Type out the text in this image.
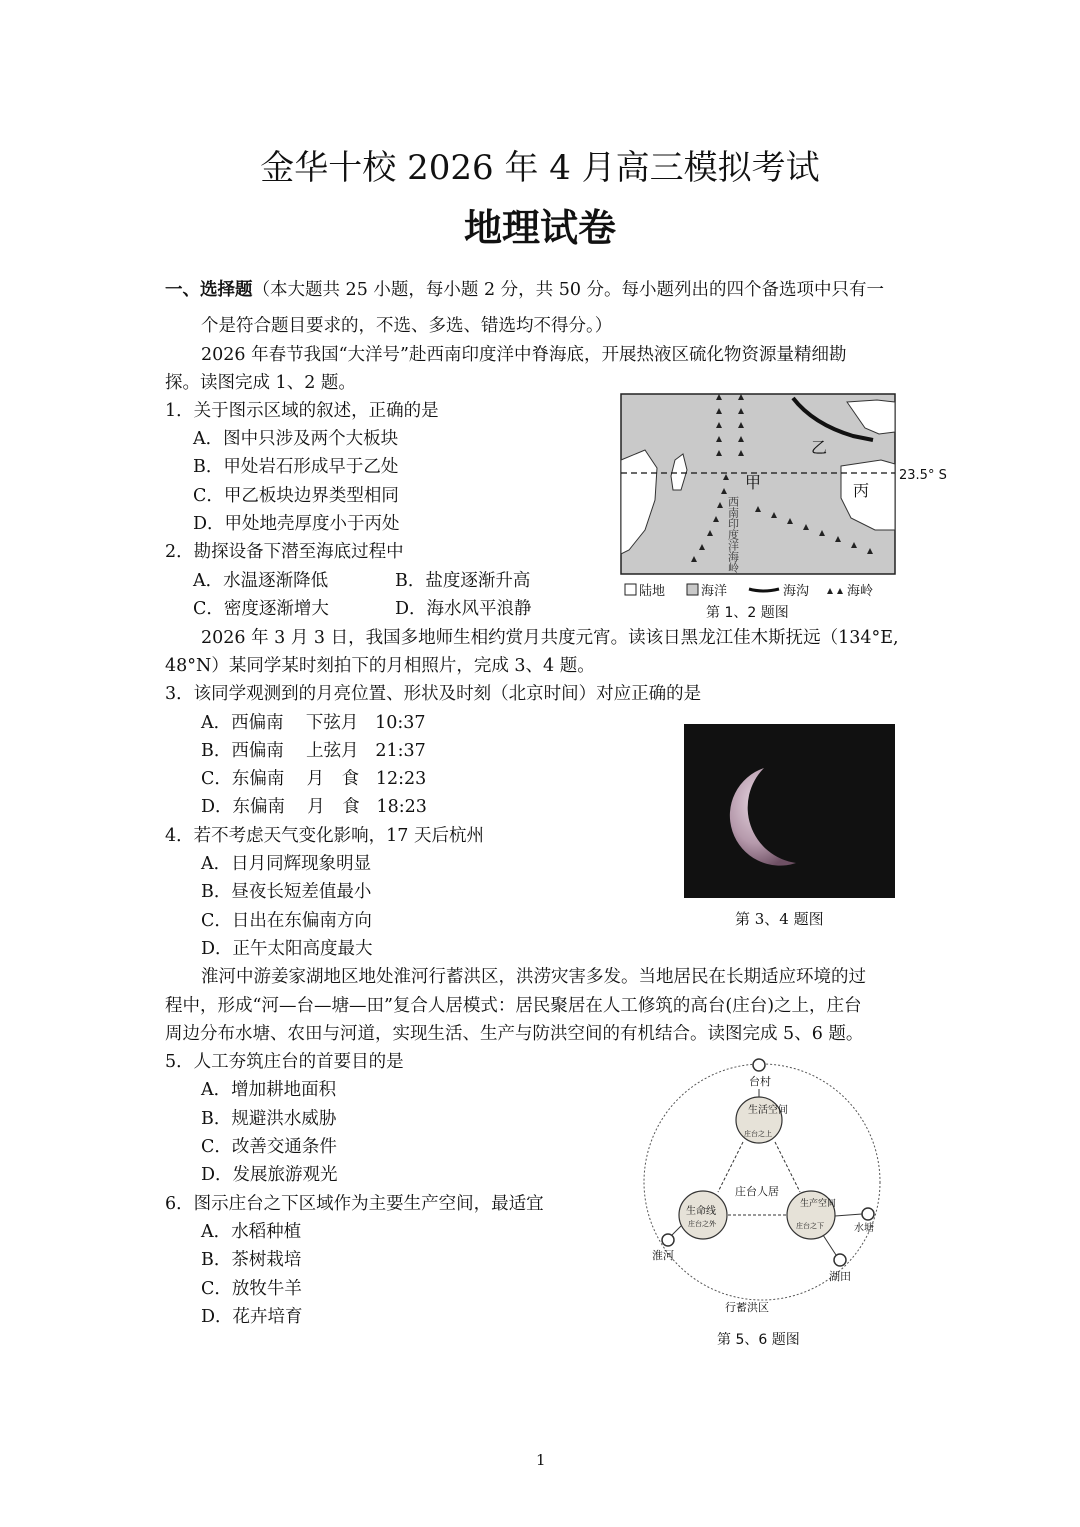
金华十校 2026 年 4 月高三模拟考试
地理试卷
一、选择题（本大题共 25 小题，每小题 2 分，共 50 分。每小题列出的四个备选项中只有一
个是符合题目要求的，不选、多选、错选均不得分。）
2026 年春节我国“大洋号”赴西南印度洋中脊海底，开展热液区硫化物资源量精细勘
探。读图完成 1、2 题。
1．关于图示区域的叙述，正确的是
A．图中只涉及两个大板块
B．甲处岩石形成早于乙处
C．甲乙板块边界类型相同
D．甲处地壳厚度小于丙处
2．勘探设备下潜至海底过程中
A．水温逐渐降低	B．盐度逐渐升高
C．密度逐渐增大	D．海水风平浪静
23.5° S
甲
乙
丙
西南印度洋海岭
陆地	海洋	海沟	海岭
第 1、2 题图
2026 年 3 月 3 日，我国多地师生相约赏月共度元宵。读该日黑龙江佳木斯抚远（134°E,
48°N）某同学某时刻拍下的月相照片，完成 3、4 题。
3．该同学观测到的月亮位置、形状及时刻（北京时间）对应正确的是
A．西偏南 下弦月 10:37
B．西偏南 上弦月 21:37
C．东偏南 月　食 12:23
D．东偏南 月　食 18:23
4．若不考虑天气变化影响，17 天后杭州
A．日月同辉现象明显
B．昼夜长短差值最小
C．日出在东偏南方向
D．正午太阳高度最大
第 3、4 题图
淮河中游姜家湖地区地处淮河行蓄洪区，洪涝灾害多发。当地居民在长期适应环境的过
程中，形成“河—台—塘—田”复合人居模式：居民聚居在人工修筑的高台(庄台)之上，庄台
周边分布水塘、农田与河道，实现生活、生产与防洪空间的有机结合。读图完成 5、6 题。
5．人工夯筑庄台的首要目的是
A．增加耕地面积
B．规避洪水威胁
C．改善交通条件
D．发展旅游观光
6．图示庄台之下区域作为主要生产空间，最适宜
A．水稻种植
B．茶树栽培
C．放牧牛羊
D．花卉培育
台村
生活空间
庄台之上
生命线
庄台之外
生产空间
庄台之下
庄台人居
淮河
水塘
湖田
行蓄洪区
第 5、6 题图
1
